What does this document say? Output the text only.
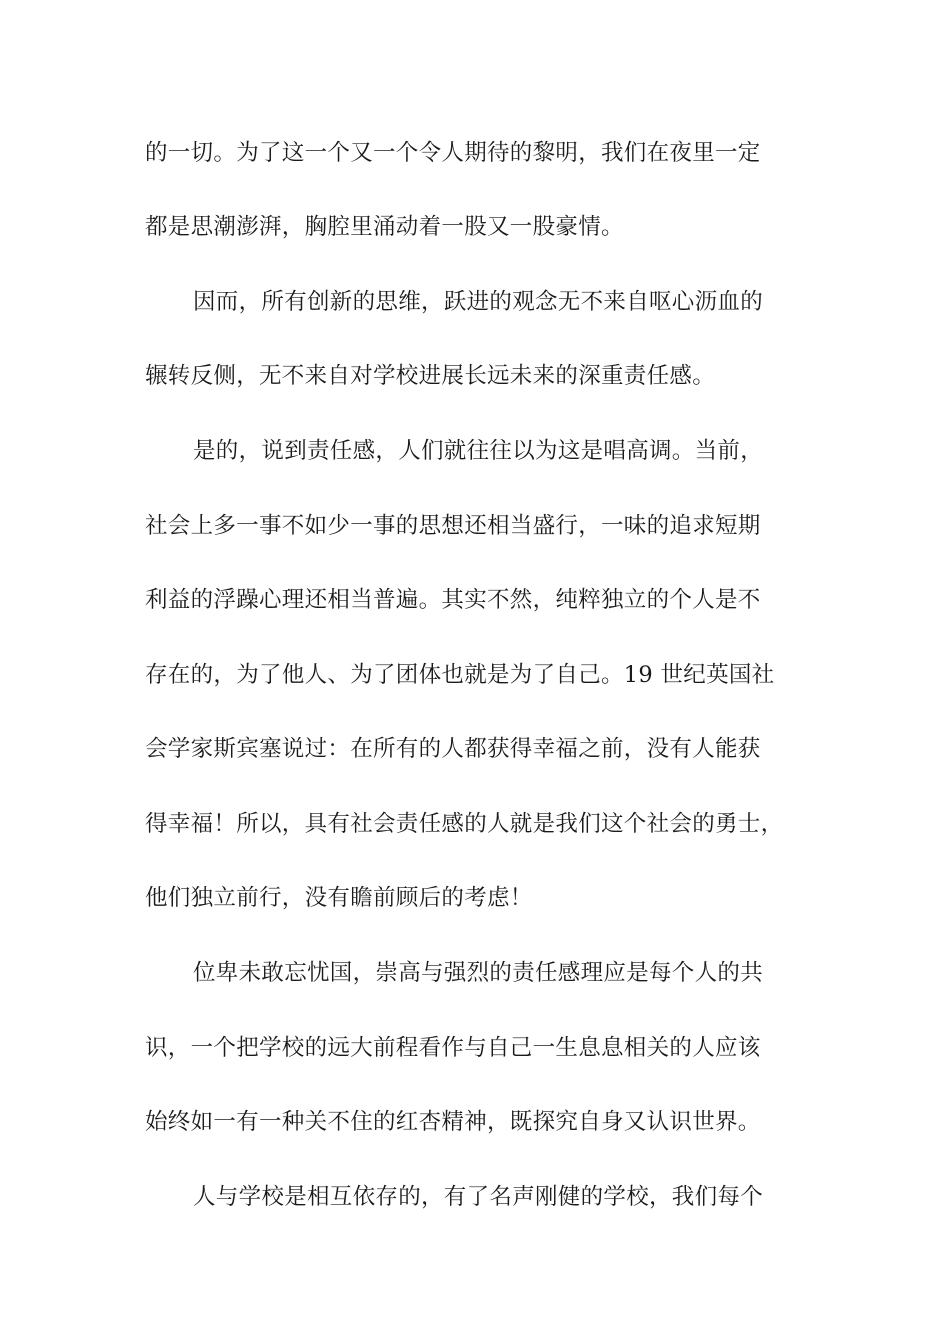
的一切。为了这一个又一个令人期待的黎明，我们在夜里一定
都是思潮澎湃，胸腔里涌动着一股又一股豪情。
因而，所有创新的思维，跃进的观念无不来自呕心沥血的
辗转反侧，无不来自对学校进展长远未来的深重责任感。
是的，说到责任感，人们就往往以为这是唱高调。当前，
社会上多一事不如少一事的思想还相当盛行，一味的追求短期
利益的浮躁心理还相当普遍。其实不然，纯粹独立的个人是不
存在的，为了他人、为了团体也就是为了自己。19 世纪英国社
会学家斯宾塞说过：在所有的人都获得幸福之前，没有人能获
得幸福！所以，具有社会责任感的人就是我们这个社会的勇士，
他们独立前行，没有瞻前顾后的考虑！
位卑未敢忘忧国，崇高与强烈的责任感理应是每个人的共
识，一个把学校的远大前程看作与自己一生息息相关的人应该
始终如一有一种关不住的红杏精神，既探究自身又认识世界。
人与学校是相互依存的，有了名声刚健的学校，我们每个
